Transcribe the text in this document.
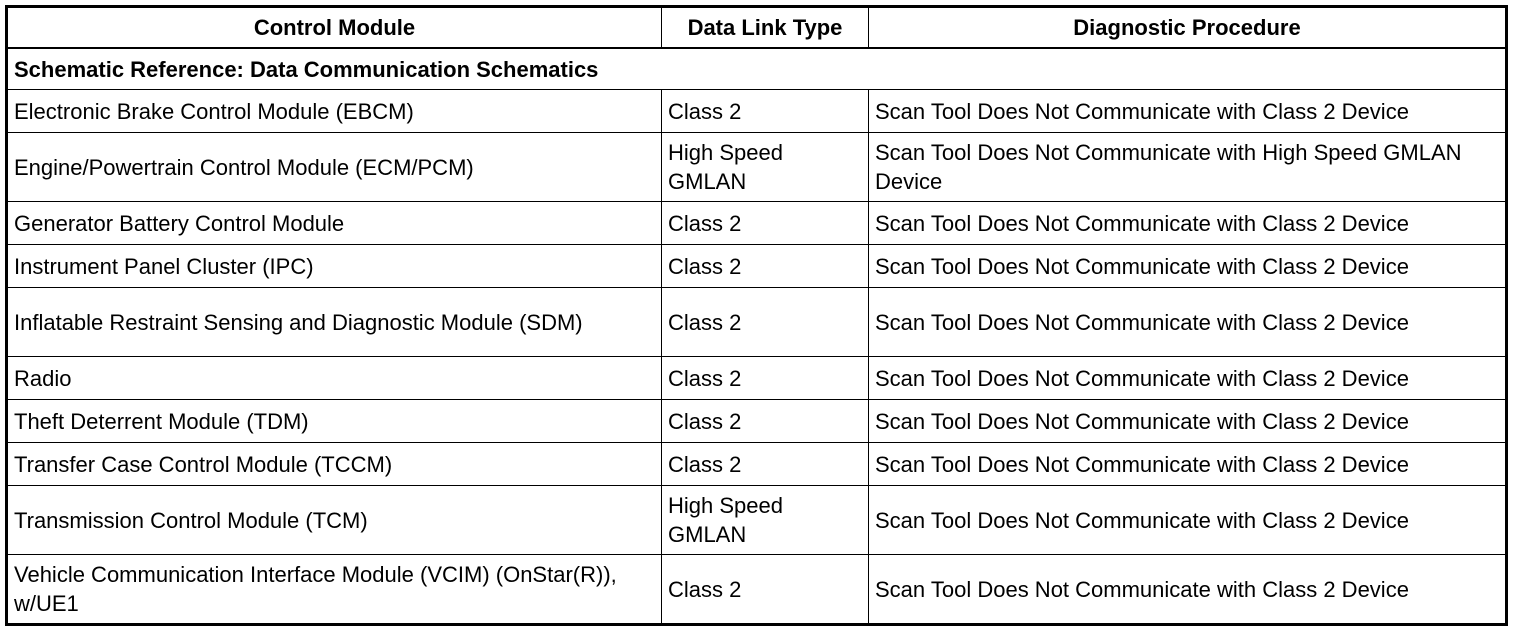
Control Module	Data Link Type	Diagnostic Procedure
Schematic Reference: Data Communication Schematics		
Electronic Brake Control Module (EBCM)	Class 2	Scan Tool Does Not Communicate with Class 2 Device
Engine/Powertrain Control Module (ECM/PCM)	High Speed GMLAN	Scan Tool Does Not Communicate with High Speed GMLAN Device
Generator Battery Control Module	Class 2	Scan Tool Does Not Communicate with Class 2 Device
Instrument Panel Cluster (IPC)	Class 2	Scan Tool Does Not Communicate with Class 2 Device
Inflatable Restraint Sensing and Diagnostic Module (SDM)	Class 2	Scan Tool Does Not Communicate with Class 2 Device
Radio	Class 2	Scan Tool Does Not Communicate with Class 2 Device
Theft Deterrent Module (TDM)	Class 2	Scan Tool Does Not Communicate with Class 2 Device
Transfer Case Control Module (TCCM)	Class 2	Scan Tool Does Not Communicate with Class 2 Device
Transmission Control Module (TCM)	High Speed GMLAN	Scan Tool Does Not Communicate with Class 2 Device
Vehicle Communication Interface Module (VCIM) (OnStar(R)), w/UE1	Class 2	Scan Tool Does Not Communicate with Class 2 Device
